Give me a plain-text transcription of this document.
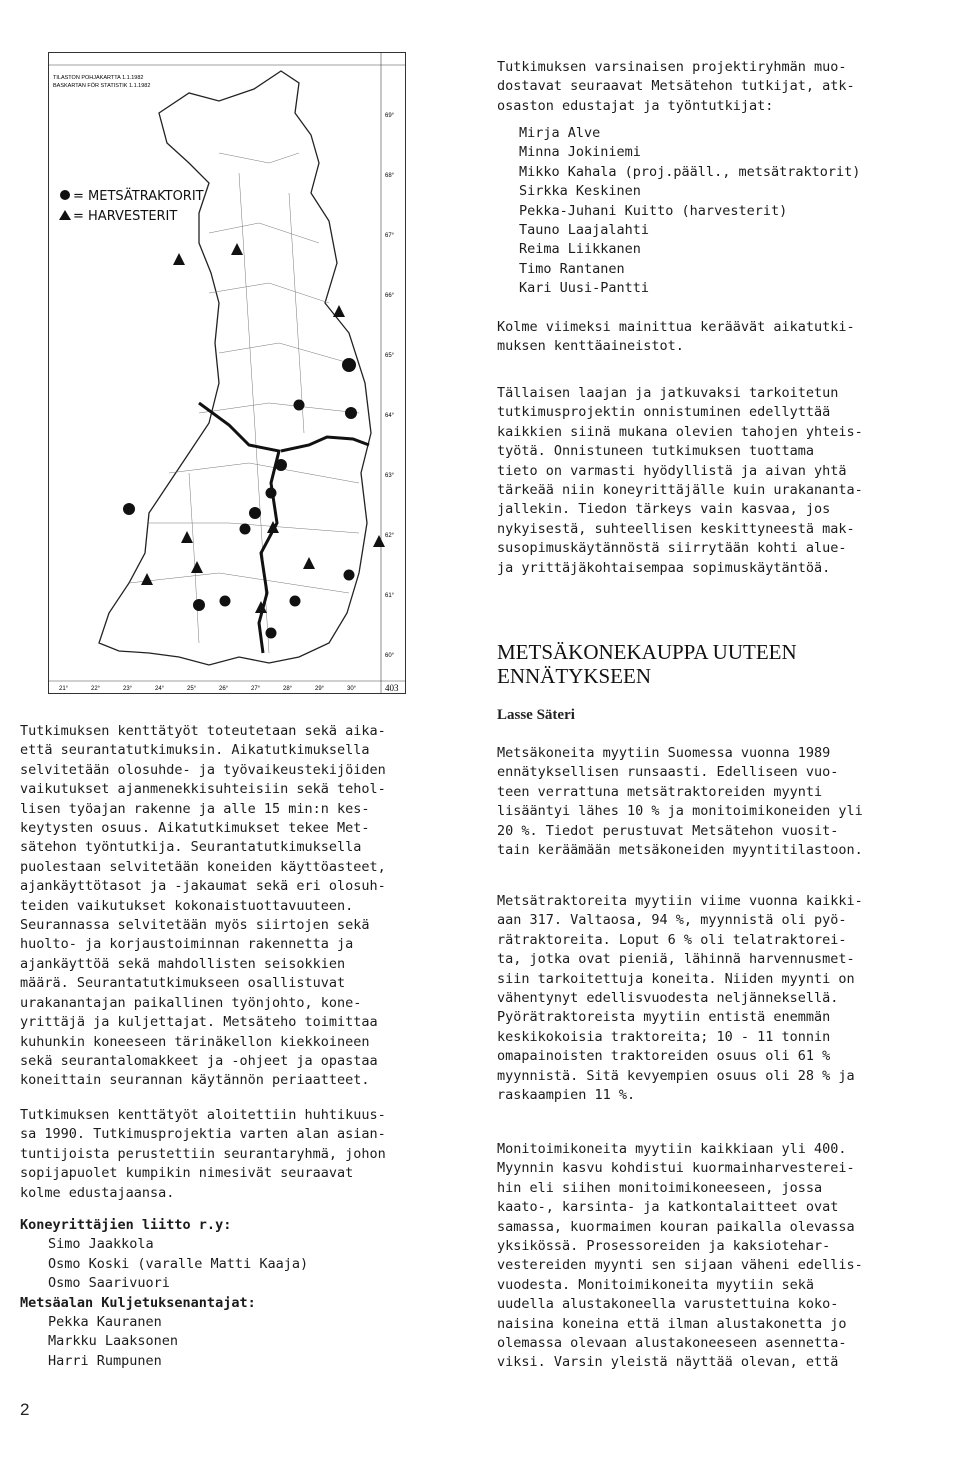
TILASTON POHJAKARTTA 1.1.1982
BASKARTAN FÖR STATISTIK 1.1.1982
= METSÄTRAKTORIT
= HARVESTERIT
403
69°
68°
67°
66°
65°
64°
63°
62°
61°
60°
21°	22°	23°	24°	25°	26°	27°	28°	29°	30°
Tutkimuksen varsinaisen projektiryhmän muo-
dostavat seuraavat Metsätehon tutkijat, atk-
osaston edustajat ja työntutkijat:
Mirja Alve
Minna Jokiniemi
Mikko Kahala (proj.pääll., metsätraktorit)
Sirkka Keskinen
Pekka-Juhani Kuitto (harvesterit)
Tauno Laajalahti
Reima Liikkanen
Timo Rantanen
Kari Uusi-Pantti
Kolme viimeksi mainittua keräävät aikatutki-
muksen kenttäaineistot.
Tällaisen laajan ja jatkuvaksi tarkoitetun
tutkimusprojektin onnistuminen edellyttää
kaikkien siinä mukana olevien tahojen yhteis-
työtä. Onnistuneen tutkimuksen tuottama
tieto on varmasti hyödyllistä ja aivan yhtä
tärkeää niin koneyrittäjälle kuin urakananta-
jallekin. Tiedon tärkeys vain kasvaa, jos
nykyisestä, suhteellisen keskittyneestä mak-
susopimuskäytännöstä siirrytään kohti alue-
ja yrittäjäkohtaisempaa sopimuskäytäntöä.
METSÄKONEKAUPPA UUTEEN
ENNÄTYKSEEN
Lasse Säteri
Metsäkoneita myytiin Suomessa vuonna 1989
ennätyksellisen runsaasti. Edelliseen vuo-
teen verrattuna metsätraktoreiden myynti
lisääntyi lähes 10 % ja monitoimikoneiden yli
20 %. Tiedot perustuvat Metsätehon vuosit-
tain keräämään metsäkoneiden myyntitilastoon.
Metsätraktoreita myytiin viime vuonna kaikki-
aan 317. Valtaosa, 94 %, myynnistä oli pyö-
rätraktoreita. Loput 6 % oli telatraktorei-
ta, jotka ovat pieniä, lähinnä harvennusmet-
siin tarkoitettuja koneita. Niiden myynti on
vähentynyt edellisvuodesta neljänneksellä.
Pyörätraktoreista myytiin entistä enemmän
keskikokoisia traktoreita; 10 - 11 tonnin
omapainoisten traktoreiden osuus oli 61 %
myynnistä. Sitä kevyempien osuus oli 28 % ja
raskaampien 11 %.
Monitoimikoneita myytiin kaikkiaan yli 400.
Myynnin kasvu kohdistui kuormainharvesterei-
hin eli siihen monitoimikoneeseen, jossa
kaato-, karsinta- ja katkontalaitteet ovat
samassa, kuormaimen kouran paikalla olevassa
yksikössä. Prosessoreiden ja kaksiotehar-
vestereiden myynti sen sijaan väheni edellis-
vuodesta. Monitoimikoneita myytiin sekä
uudella alustakoneella varustettuina koko-
naisina koneina että ilman alustakonetta jo
olemassa olevaan alustakoneeseen asennetta-
viksi. Varsin yleistä näyttää olevan, että
Tutkimuksen kenttätyöt toteutetaan sekä aika-
että seurantatutkimuksin. Aikatutkimuksella
selvitetään olosuhde- ja työvaikeustekijöiden
vaikutukset ajanmenekkisuhteisiin sekä tehol-
lisen työajan rakenne ja alle 15 min:n kes-
keytysten osuus. Aikatutkimukset tekee Met-
sätehon työntutkija. Seurantatutkimuksella
puolestaan selvitetään koneiden käyttöasteet,
ajankäyttötasot ja -jakaumat sekä eri olosuh-
teiden vaikutukset kokonaistuottavuuteen.
Seurannassa selvitetään myös siirtojen sekä
huolto- ja korjaustoiminnan rakennetta ja
ajankäyttöä sekä mahdollisten seisokkien
määrä. Seurantatutkimukseen osallistuvat
urakanantajan paikallinen työnjohto, kone-
yrittäjä ja kuljettajat. Metsäteho toimittaa
kuhunkin koneeseen tärinäkellon kiekkoineen
sekä seurantalomakkeet ja -ohjeet ja opastaa
koneittain seurannan käytännön periaatteet.
Tutkimuksen kenttätyöt aloitettiin huhtikuus-
sa 1990. Tutkimusprojektia varten alan asian-
tuntijoista perustettiin seurantaryhmä, johon
sopijapuolet kumpikin nimesivät seuraavat
kolme edustajaansa.
Koneyrittäjien liitto r.y:
Simo Jaakkola
Osmo Koski (varalle Matti Kaaja)
Osmo Saarivuori
Metsäalan Kuljetuksenantajat:
Pekka Kauranen
Markku Laaksonen
Harri Rumpunen
2
